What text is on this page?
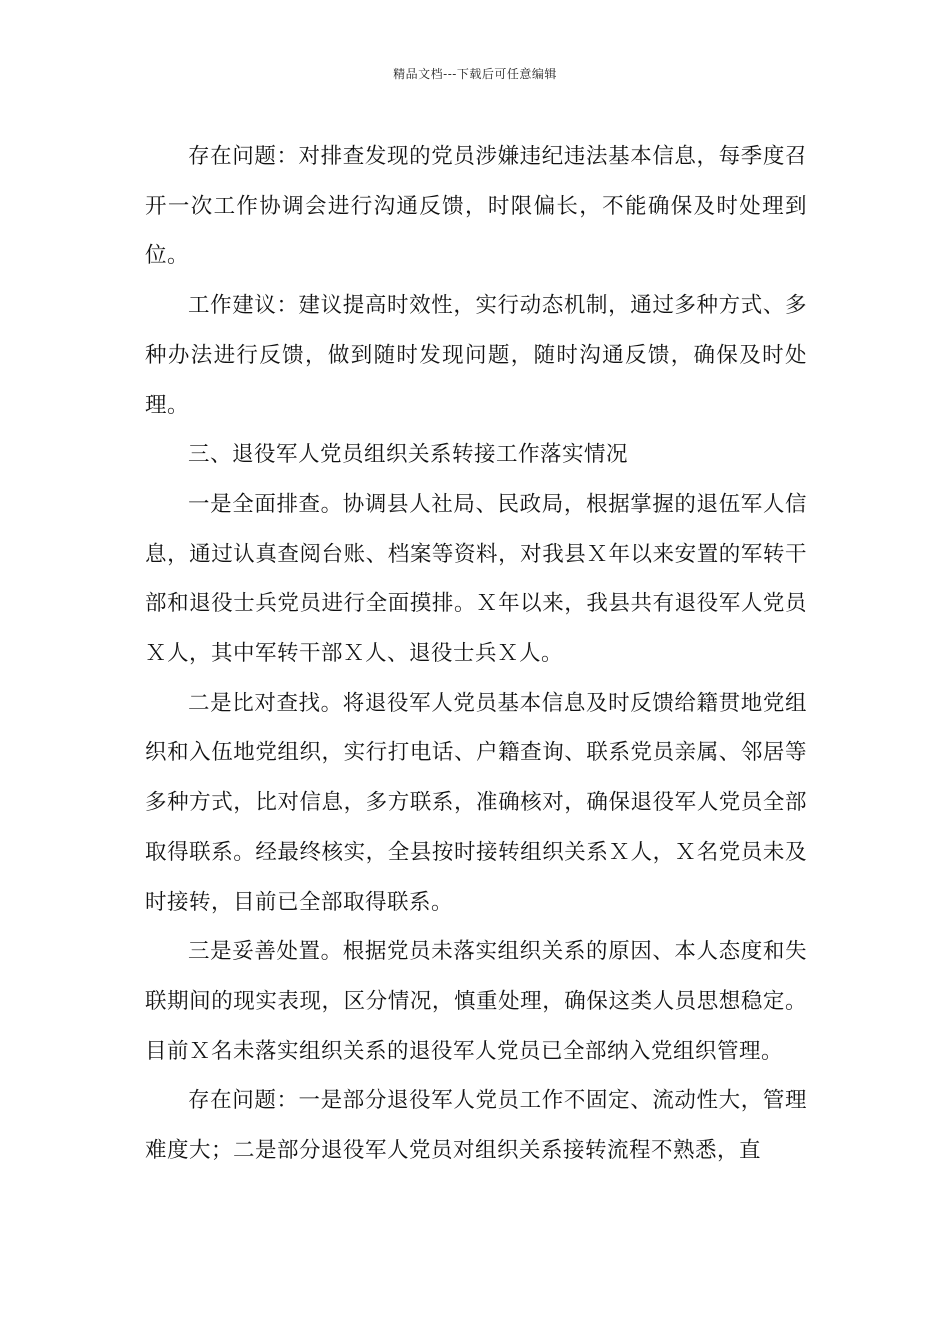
精品文档---下载后可任意编辑

存在问题：对排查发现的党员涉嫌违纪违法基本信息，每季度召开一次工作协调会进行沟通反馈，时限偏长，不能确保及时处理到位。

工作建议：建议提高时效性，实行动态机制，通过多种方式、多种办法进行反馈，做到随时发现问题，随时沟通反馈，确保及时处理。

三、退役军人党员组织关系转接工作落实情况

一是全面排查。协调县人社局、民政局，根据掌握的退伍军人信息，通过认真查阅台账、档案等资料，对我县Ｘ年以来安置的军转干部和退役士兵党员进行全面摸排。Ｘ年以来，我县共有退役军人党员Ｘ人，其中军转干部Ｘ人、退役士兵Ｘ人。

二是比对查找。将退役军人党员基本信息及时反馈给籍贯地党组织和入伍地党组织，实行打电话、户籍查询、联系党员亲属、邻居等多种方式，比对信息，多方联系，准确核对，确保退役军人党员全部取得联系。经最终核实，全县按时接转组织关系Ｘ人，Ｘ名党员未及时接转，目前已全部取得联系。

三是妥善处置。根据党员未落实组织关系的原因、本人态度和失联期间的现实表现，区分情况，慎重处理，确保这类人员思想稳定。目前Ｘ名未落实组织关系的退役军人党员已全部纳入党组织管理。

存在问题：一是部分退役军人党员工作不固定、流动性大，管理难度大；二是部分退役军人党员对组织关系接转流程不熟悉，直
